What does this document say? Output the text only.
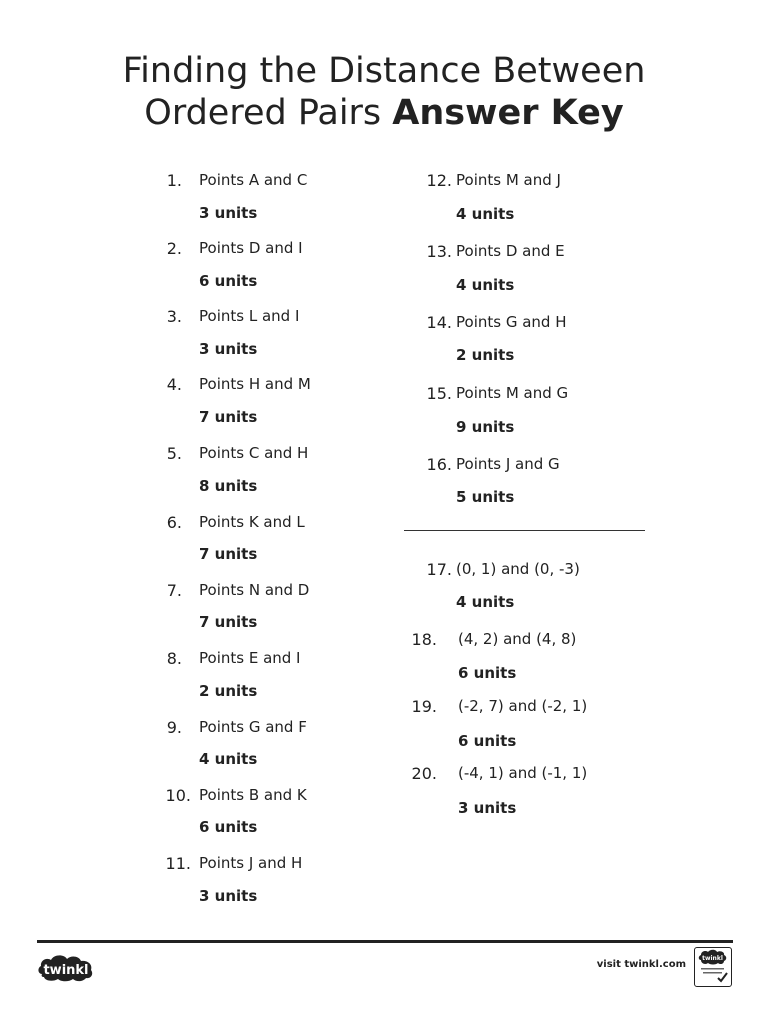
Finding the Distance Between
Ordered Pairs Answer Key
1. Points A and C
3 units
2. Points D and I
6 units
3. Points L and I
3 units
4. Points H and M
7 units
5. Points C and H
8 units
6. Points K and L
7 units
7. Points N and D
7 units
8. Points E and I
2 units
9. Points G and F
4 units
10. Points B and K
6 units
11. Points J and H
3 units
12. Points M and J
4 units
13. Points D and E
4 units
14. Points G and H
2 units
15. Points M and G
9 units
16. Points J and G
5 units
17. (0, 1) and (0, -3)
4 units
18. (4, 2) and (4, 8)
6 units
19. (-2, 7) and (-2, 1)
6 units
20. (-4, 1) and (-1, 1)
3 units
twinkl	visit twinkl.com
twinkl
